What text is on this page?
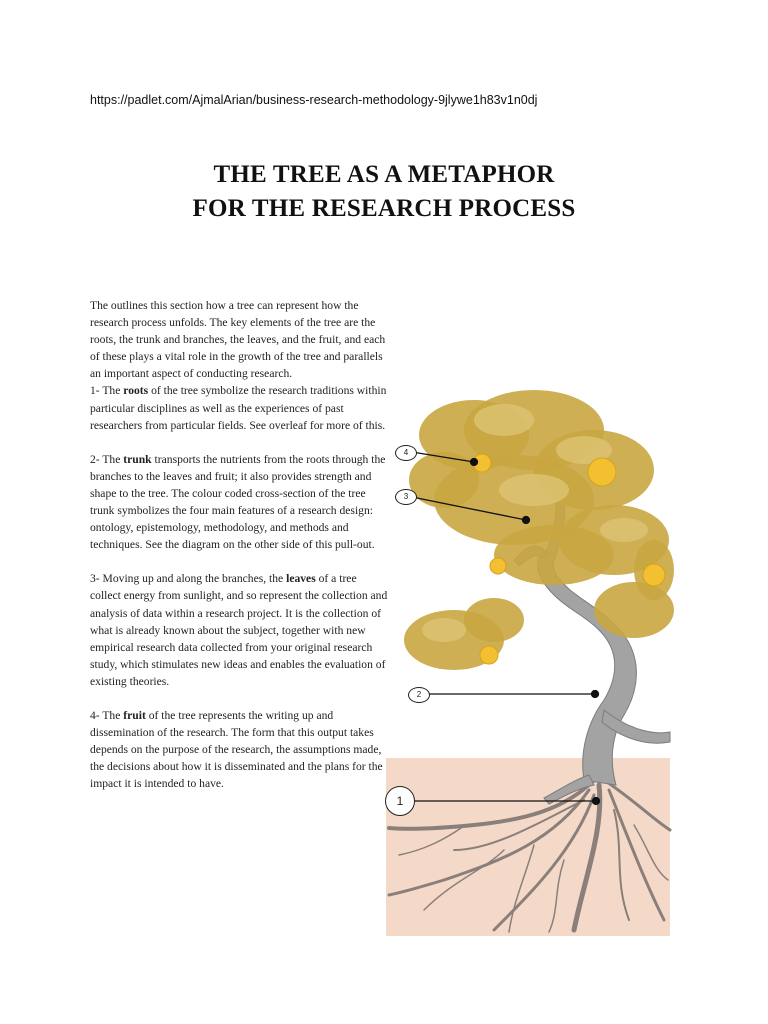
https://padlet.com/AjmalArian/business-research-methodology-9jlywe1h83v1n0dj
THE TREE AS A METAPHOR
FOR THE RESEARCH PROCESS

The outlines this section how a tree can represent how the research process unfolds. The key elements of the tree are the roots, the trunk and branches, the leaves, and the fruit, and each of these plays a vital role in the growth of the tree and parallels an important aspect of conducting research.

1- The roots of the tree symbolize the research traditions within particular disciplines as well as the experiences of past researchers from particular fields. See overleaf for more of this.

2- The trunk transports the nutrients from the roots through the branches to the leaves and fruit; it also provides strength and shape to the tree. The colour coded cross-section of the tree trunk symbolizes the four main features of a research design: ontology, epistemology, methodology, and methods and techniques. See the diagram on the other side of this pull-out.

3- Moving up and along the branches, the leaves of a tree collect energy from sunlight, and so represent the collection and analysis of data within a research project. It is the collection of what is already known about the subject, together with new empirical research data collected from your original research study, which stimulates new ideas and enables the evaluation of existing theories.

4- The fruit of the tree represents the writing up and dissemination of the research. The form that this output takes depends on the purpose of the research, the assumptions made, the decisions about how it is disseminated and the plans for the impact it is intended to have.

4
3
2
1
